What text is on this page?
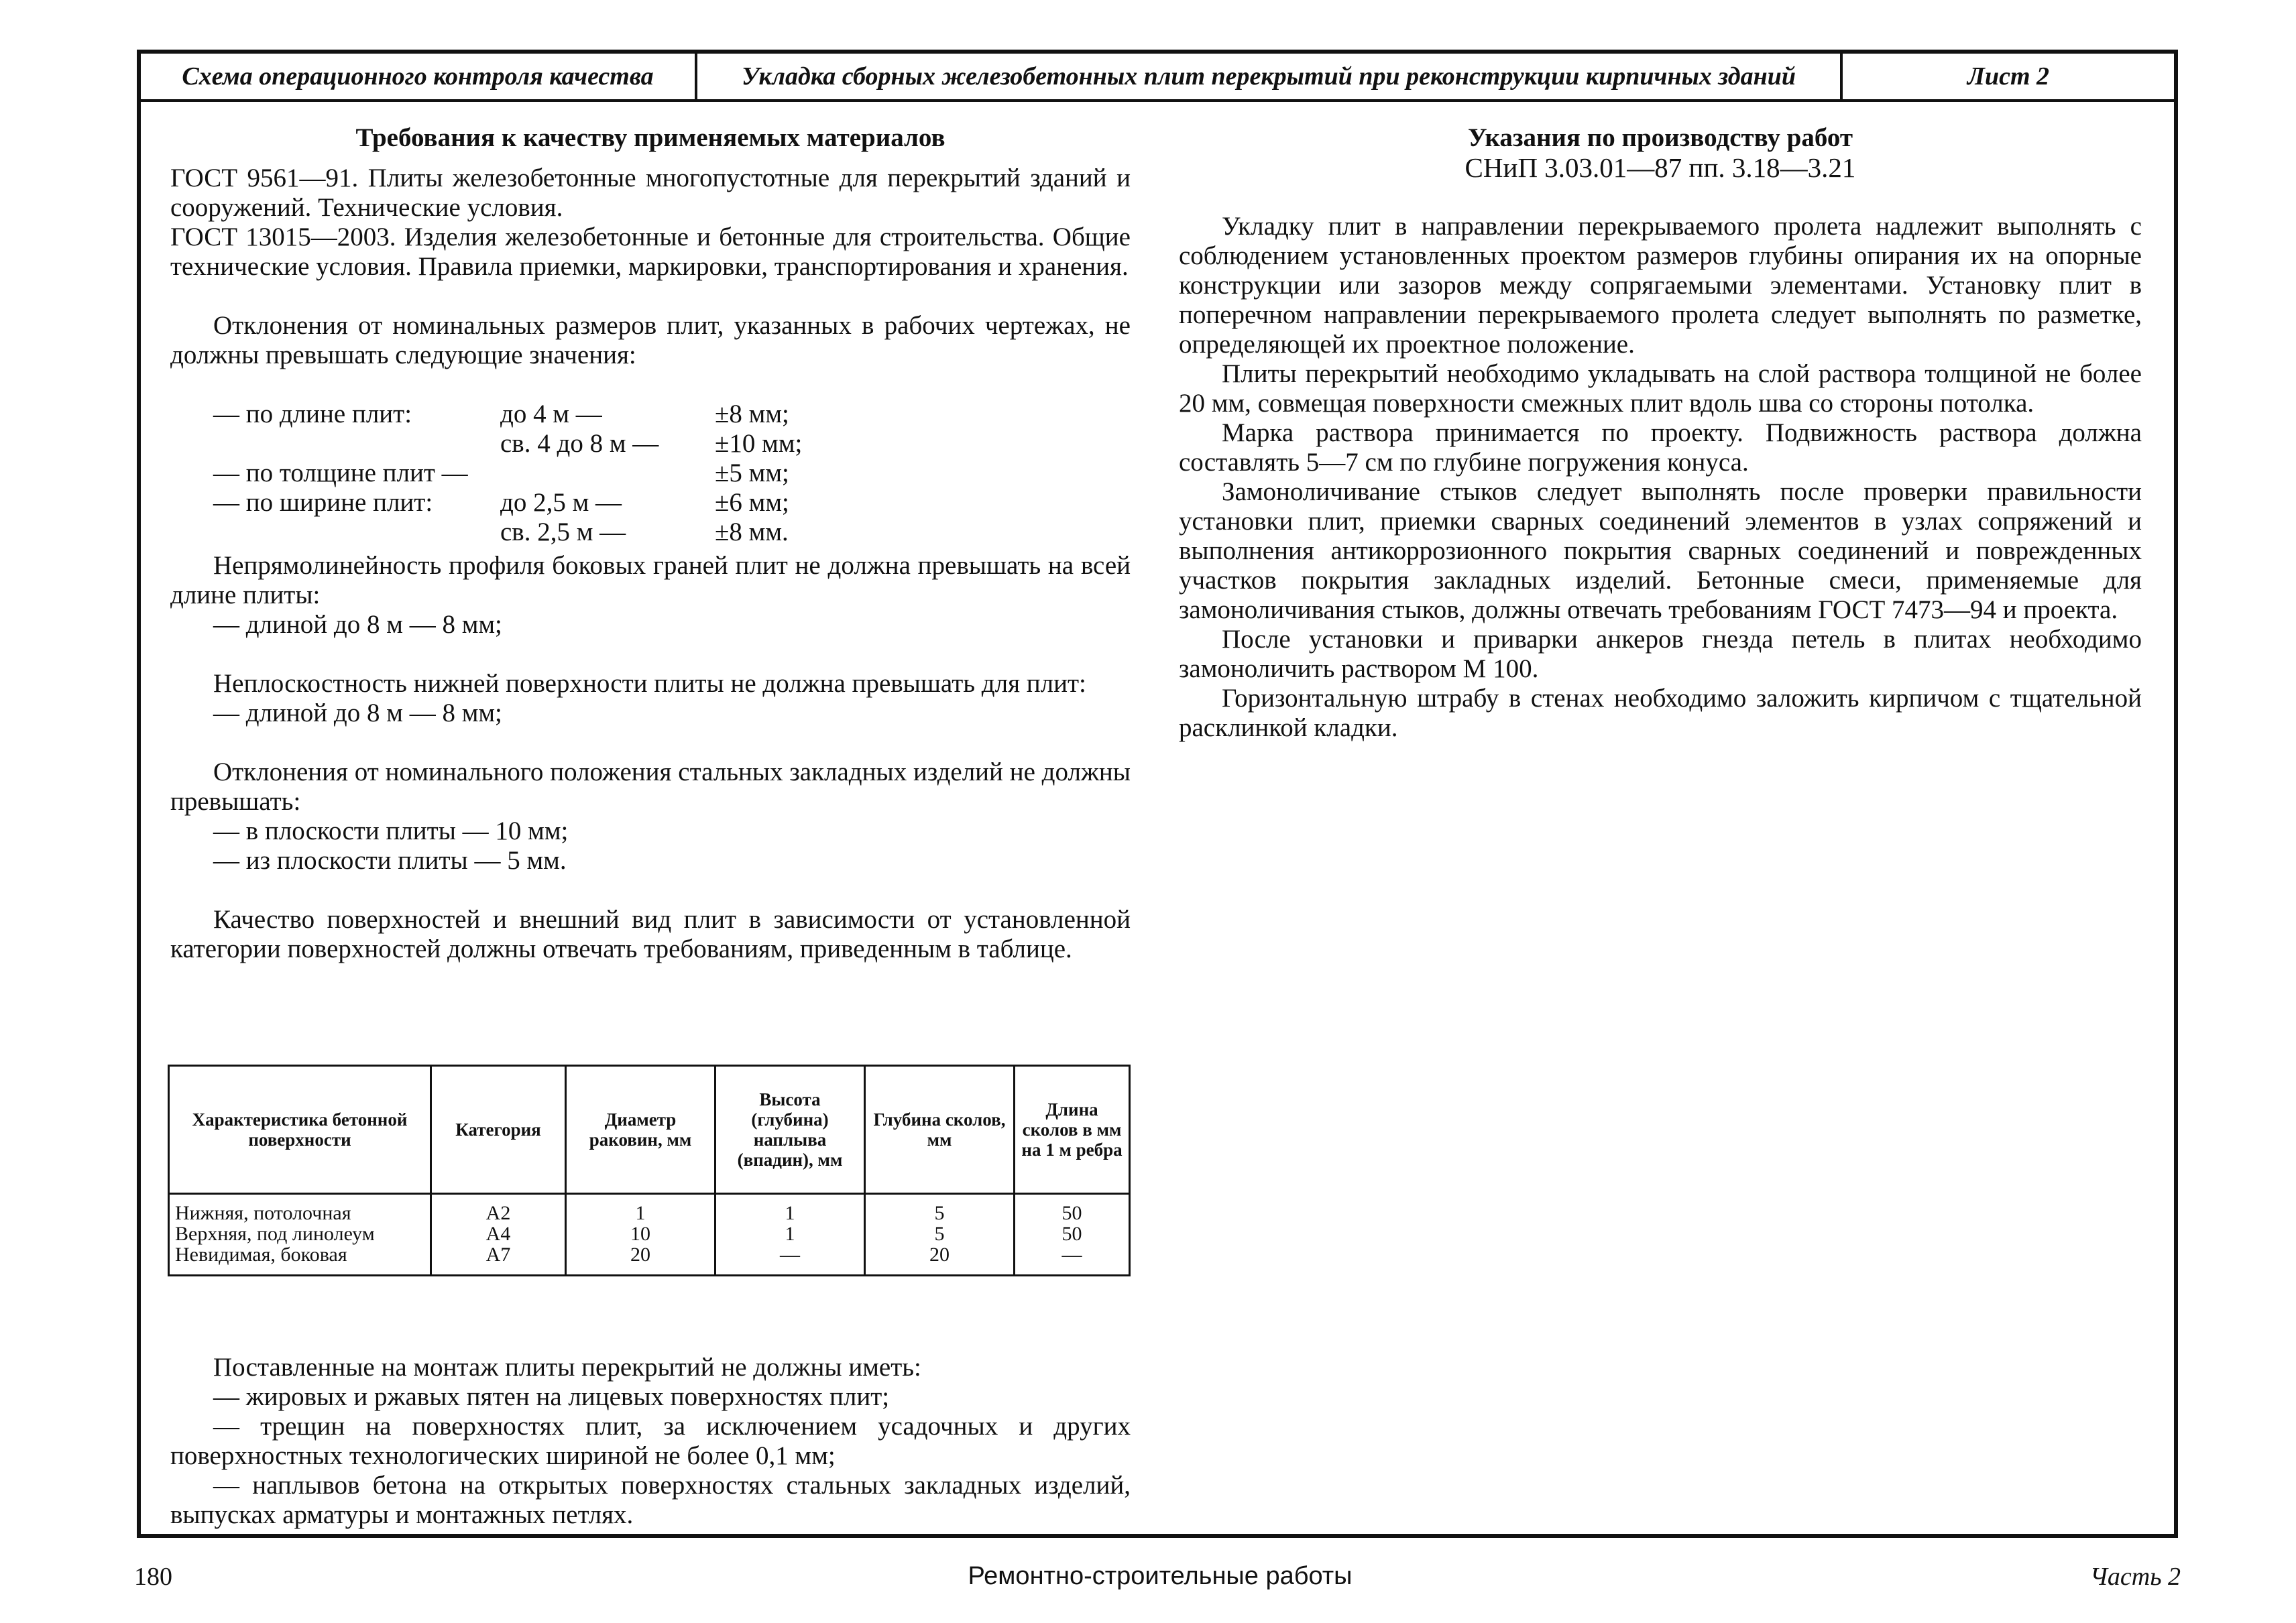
Схема операционного контроля качества	Укладка сборных железобетонных плит перекрытий при реконструкции кирпичных зданий	Лист 2
Требования к качеству применяемых материалов

ГОСТ 9561—91. Плиты железобетонные многопустотные для перекрытий зданий и сооружений. Технические условия.

ГОСТ 13015—2003. Изделия железобетонные и бетонные для строительства. Общие технические условия. Правила приемки, маркировки, транспортирования и хранения.

Отклонения от номинальных размеров плит, указанных в рабочих чертежах, не должны превышать следующие значения:

— по длине плит:	до 4 м —	±8 мм;
св. 4 до 8 м — ±10 мм;
— по толщине плит —	±5 мм;
— по ширине плит:	до 2,5 м —	±6 мм;
св. 2,5 м —	±8 мм.

Непрямолинейность профиля боковых граней плит не должна превышать на всей длине плиты:

— длиной до 8 м — 8 мм;

Неплоскостность нижней поверхности плиты не должна превышать для плит:

— длиной до 8 м — 8 мм;

Отклонения от номинального положения стальных закладных изделий не должны превышать:

— в плоскости плиты — 10 мм;

— из плоскости плиты — 5 мм.

Качество поверхностей и внешний вид плит в зависимости от установленной категории поверхностей должны отвечать требованиям, приведенным в таблице.

Характеристика бетонной поверхности	Категория	Диаметр раковин, мм	Высота (глубина) наплыва (впадин), мм	Глубина сколов, мм	Длина сколов в мм на 1 м ребра
Нижняя, потолочная	А2	1	1	5	50
Верхняя, под линолеум	А4	10	1	5	50
Невидимая, боковая	А7	20	—	20	—

Поставленные на монтаж плиты перекрытий не должны иметь:

— жировых и ржавых пятен на лицевых поверхностях плит;

— трещин на поверхностях плит, за исключением усадочных и других поверхностных технологических шириной не более 0,1 мм;

— наплывов бетона на открытых поверхностях стальных закладных изделий, выпусках арматуры и монтажных петлях.

Указания по производству работ
СНиП 3.03.01—87 пп. 3.18—3.21

Укладку плит в направлении перекрываемого пролета надлежит выполнять с соблюдением установленных проектом размеров глубины опирания их на опорные конструкции или зазоров между сопрягаемыми элементами. Установку плит в поперечном направлении перекрываемого пролета следует выполнять по разметке, определяющей их проектное положение.

Плиты перекрытий необходимо укладывать на слой раствора толщиной не более 20 мм, совмещая поверхности смежных плит вдоль шва со стороны потолка.

Марка раствора принимается по проекту. Подвижность раствора должна составлять 5—7 см по глубине погружения конуса.

Замоноличивание стыков следует выполнять после проверки правильности установки плит, приемки сварных соединений элементов в узлах сопряжений и выполнения антикоррозионного покрытия сварных соединений и поврежденных участков покрытия закладных изделий. Бетонные смеси, применяемые для замоноличивания стыков, должны отвечать требованиям ГОСТ 7473—94 и проекта.

После установки и приварки анкеров гнезда петель в плитах необходимо замоноличить раствором М 100.

Горизонтальную штрабу в стенах необходимо заложить кирпичом с тщательной расклинкой кладки.

180	Ремонтно-строительные работы	Часть 2
